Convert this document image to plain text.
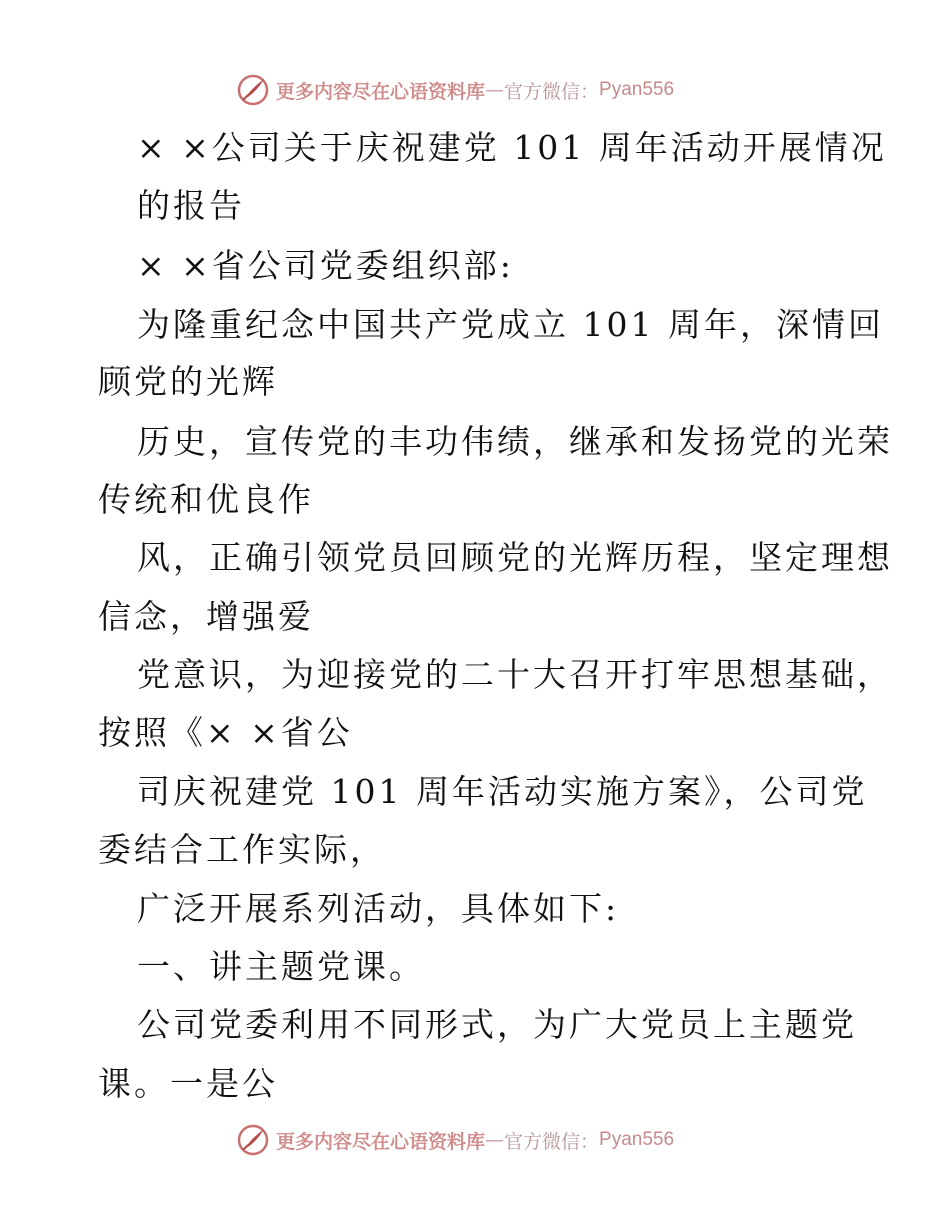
更多内容尽在心语资料库 — 官方微信： Pyan556
× ×公司关于庆祝建党 101 周年活动开展情况
的报告
× ×省公司党委组织部:
为隆重纪念中国共产党成立 101 周年，深情回
顾党的光辉
历史，宣传党的丰功伟绩，继承和发扬党的光荣
传统和优良作
风，正确引领党员回顾党的光辉历程，坚定理想
信念，增强爱
党意识，为迎接党的二十大召开打牢思想基础，
按照《× ×省公
司庆祝建党 101 周年活动实施方案》，公司党
委结合工作实际，
广泛开展系列活动，具体如下:
一、讲主题党课。
公司党委利用不同形式，为广大党员上主题党
课。一是公
更多内容尽在心语资料库 — 官方微信： Pyan556
